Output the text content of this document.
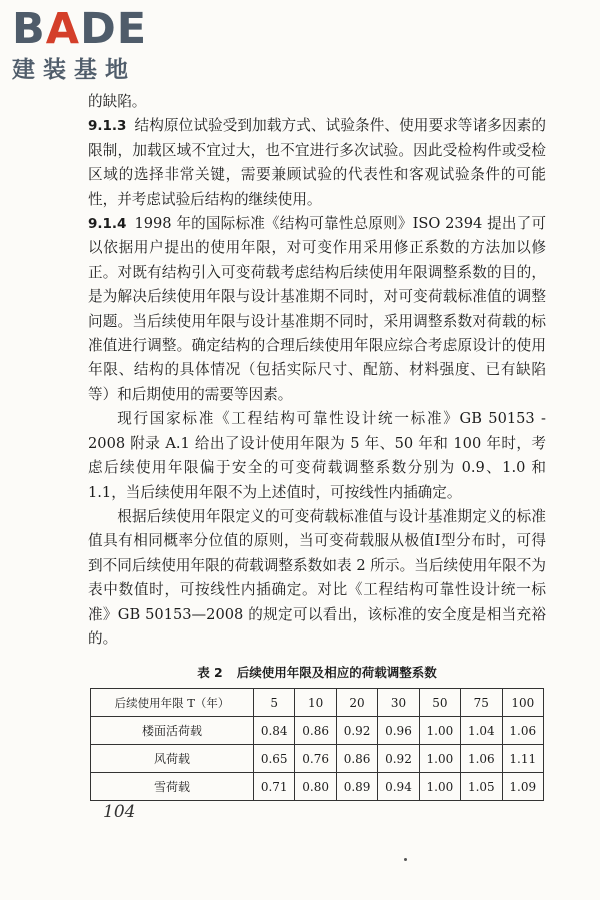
BADE
建装基地

的缺陷。

9.1.3 结构原位试验受到加载方式、试验条件、使用要求等诸多因素的限制，加载区域不宜过大，也不宜进行多次试验。因此受检构件或受检区域的选择非常关键，需要兼顾试验的代表性和客观试验条件的可能性，并考虑试验后结构的继续使用。

9.1.4 1998 年的国际标准《结构可靠性总原则》ISO 2394 提出了可以依据用户提出的使用年限，对可变作用采用修正系数的方法加以修正。对既有结构引入可变荷载考虑结构后续使用年限调整系数的目的，是为解决后续使用年限与设计基准期不同时，对可变荷载标准值的调整问题。当后续使用年限与设计基准期不同时，采用调整系数对荷载的标准值进行调整。确定结构的合理后续使用年限应综合考虑原设计的使用年限、结构的具体情况（包括实际尺寸、配筋、材料强度、已有缺陷等）和后期使用的需要等因素。

现行国家标准《工程结构可靠性设计统一标准》GB 50153 - 2008 附录 A.1 给出了设计使用年限为 5 年、50 年和 100 年时，考虑后续使用年限偏于安全的可变荷载调整系数分别为 0.9、1.0 和 1.1，当后续使用年限不为上述值时，可按线性内插确定。

根据后续使用年限定义的可变荷载标准值与设计基准期定义的标准值具有相同概率分位值的原则，当可变荷载服从极值Ⅰ型分布时，可得到不同后续使用年限的荷载调整系数如表 2 所示。当后续使用年限不为表中数值时，可按线性内插确定。对比《工程结构可靠性设计统一标准》GB 50153—2008 的规定可以看出，该标准的安全度是相当充裕的。

表 2 后续使用年限及相应的荷载调整系数
后续使用年限 T（年）	5	10	20	30	50	75	100
楼面活荷载	0.84	0.86	0.92	0.96	1.00	1.04	1.06
风荷载	0.65	0.76	0.86	0.92	1.00	1.06	1.11
雪荷载	0.71	0.80	0.89	0.94	1.00	1.05	1.09
104
